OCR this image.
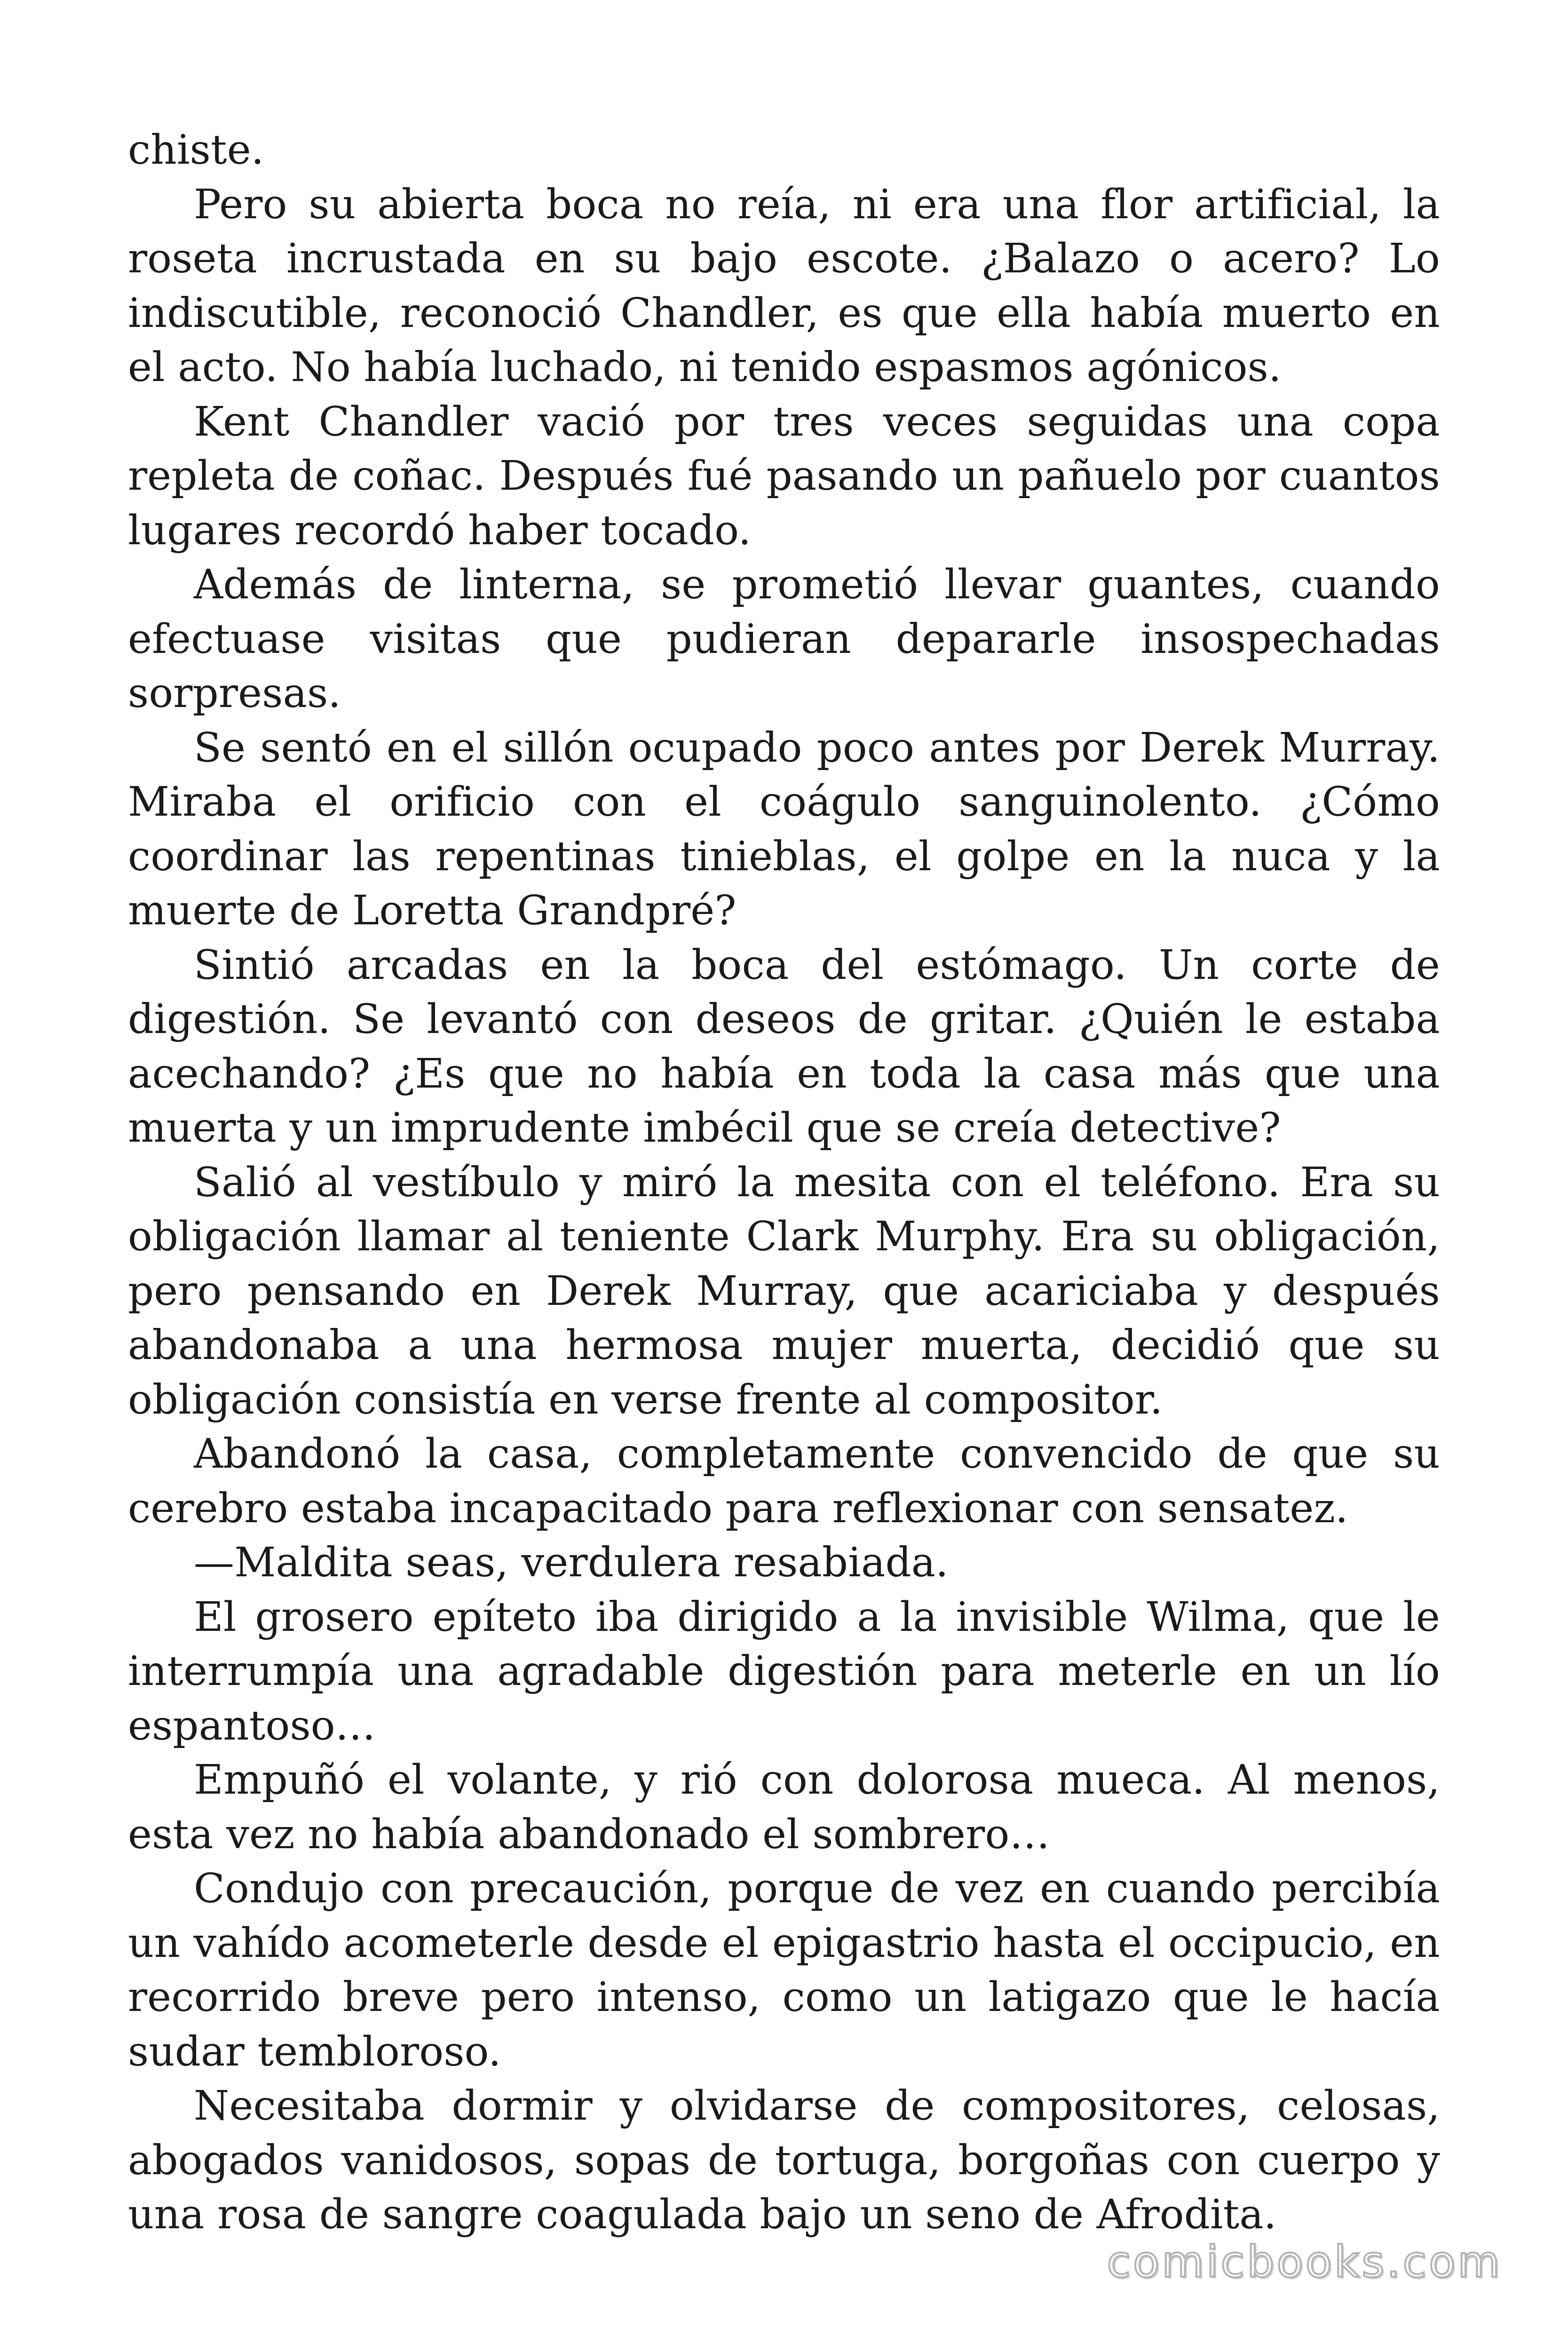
chiste.

Pero su abierta boca no reía, ni era una flor artificial, la roseta incrustada en su bajo escote. ¿Balazo o acero? Lo indiscutible, reconoció Chandler, es que ella había muerto en el acto. No había luchado, ni tenido espasmos agónicos.

Kent Chandler vació por tres veces seguidas una copa repleta de coñac. Después fué pasando un pañuelo por cuantos lugares recordó haber tocado.

Además de linterna, se prometió llevar guantes, cuando efectuase visitas que pudieran depararle insospechadas sorpresas.

Se sentó en el sillón ocupado poco antes por Derek Murray. Miraba el orificio con el coágulo sanguinolento. ¿Cómo coordinar las repentinas tinieblas, el golpe en la nuca y la muerte de Loretta Grandpré?

Sintió arcadas en la boca del estómago. Un corte de digestión. Se levantó con deseos de gritar. ¿Quién le estaba acechando? ¿Es que no había en toda la casa más que una muerta y un imprudente imbécil que se creía detective?

Salió al vestíbulo y miró la mesita con el teléfono. Era su obligación llamar al teniente Clark Murphy. Era su obligación, pero pensando en Derek Murray, que acariciaba y después abandonaba a una hermosa mujer muerta, decidió que su obligación consistía en verse frente al compositor.

Abandonó la casa, completamente convencido de que su cerebro estaba incapacitado para reflexionar con sensatez.

—Maldita seas, verdulera resabiada.

El grosero epíteto iba dirigido a la invisible Wilma, que le interrumpía una agradable digestión para meterle en un lío espantoso…

Empuñó el volante, y rió con dolorosa mueca. Al menos, esta vez no había abandonado el sombrero…

Condujo con precaución, porque de vez en cuando percibía un vahído acometerle desde el epigastrio hasta el occipucio, en recorrido breve pero intenso, como un latigazo que le hacía sudar tembloroso.

Necesitaba dormir y olvidarse de compositores, celosas, abogados vanidosos, sopas de tortuga, borgoñas con cuerpo y una rosa de sangre coagulada bajo un seno de Afrodita.

comicbooks.com
